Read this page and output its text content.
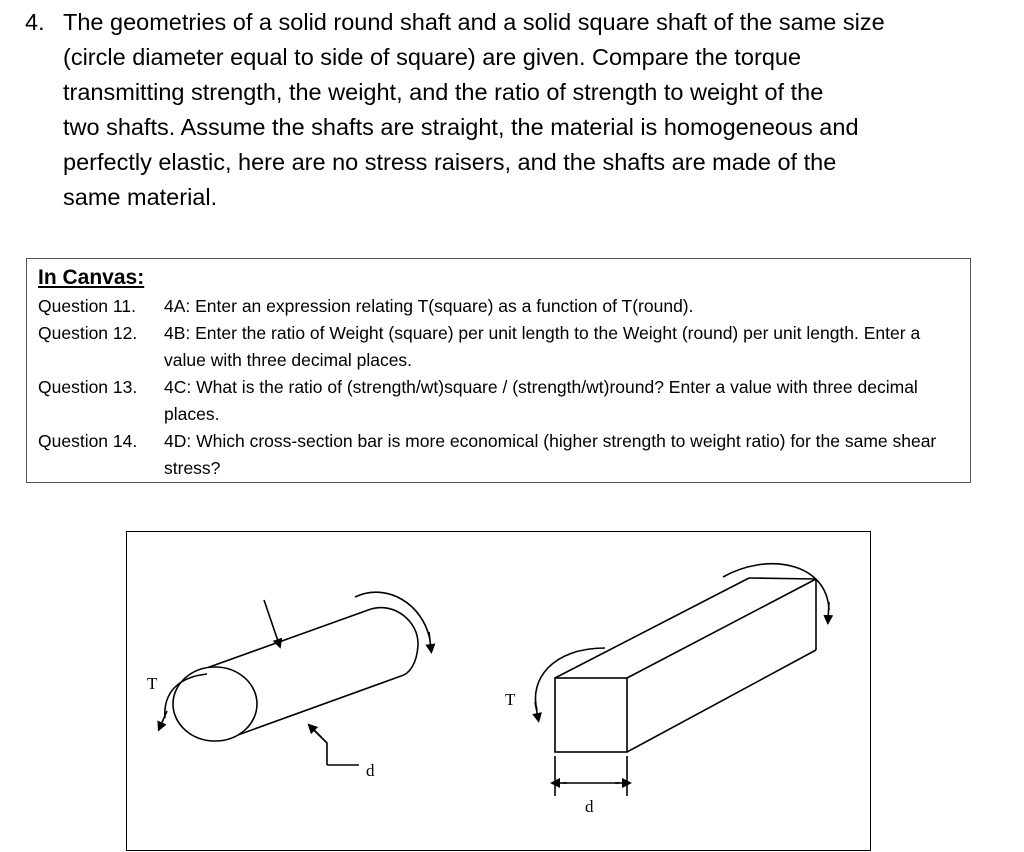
4. The geometries of a solid round shaft and a solid square shaft of the same size
(circle diameter equal to side of square) are given. Compare the torque
transmitting strength, the weight, and the ratio of strength to weight of the
two shafts. Assume the shafts are straight, the material is homogeneous and
perfectly elastic, here are no stress raisers, and the shafts are made of the
same material.
In Canvas:
Question 11.	4A: Enter an expression relating T(square) as a function of T(round).
Question 12.	4B: Enter the ratio of Weight (square) per unit length to the Weight (round) per unit length. Enter a value with three decimal places.
Question 13.	4C: What is the ratio of (strength/wt)square / (strength/wt)round? Enter a value with three decimal places.
Question 14.	4D: Which cross-section bar is more economical (higher strength to weight ratio) for the same shear stress?
T
d
T
d
